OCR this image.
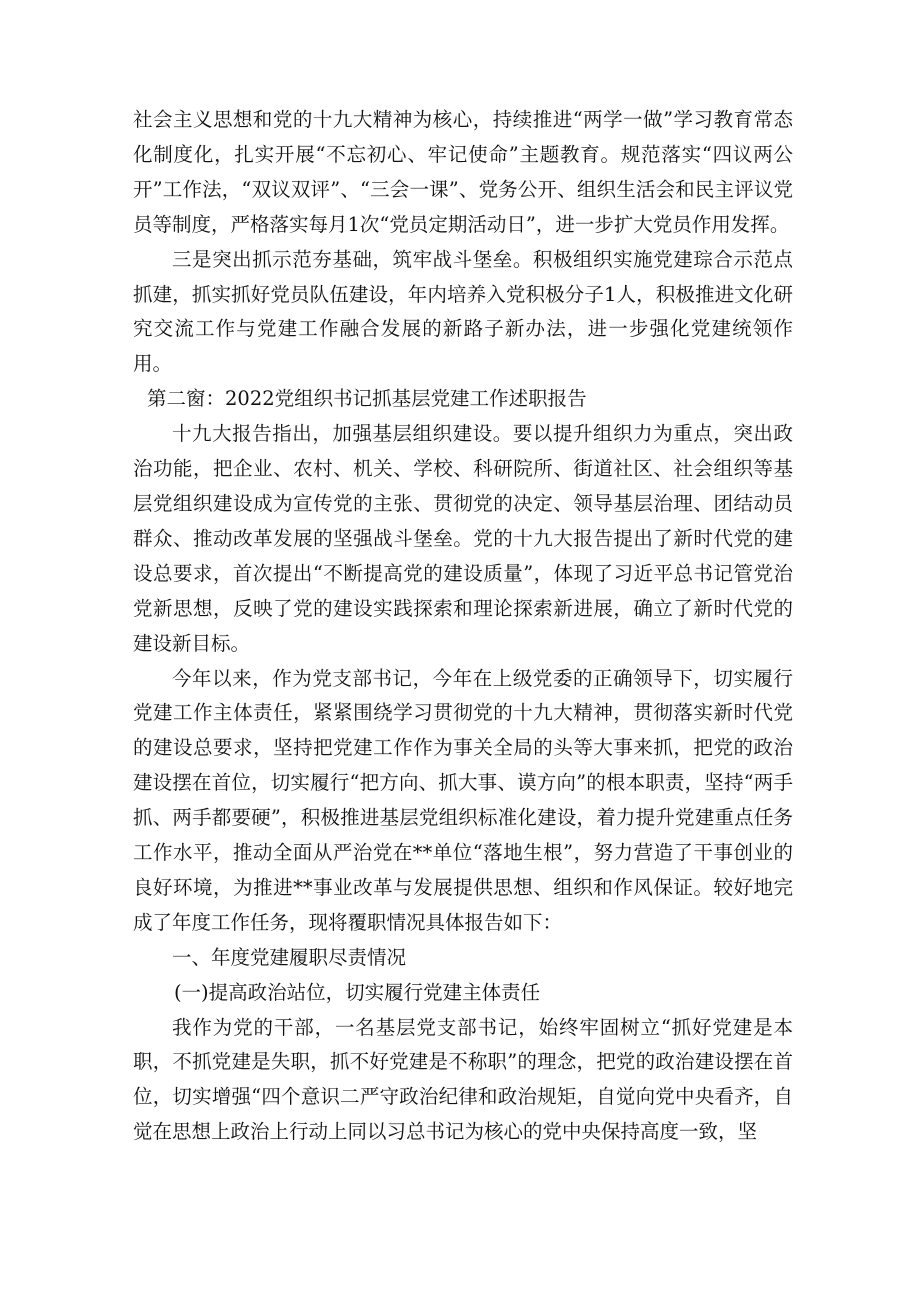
社会主义思想和党的十九大精神为核心，持续推进“两学一做”学习教育常态化制度化，扎实开展“不忘初心、牢记使命”主题教育。规范落实“四议两公开”工作法，“双议双评”、“三会一课”、党务公开、组织生活会和民主评议党员等制度，严格落实每月1次“党员定期活动日”，进一步扩大党员作用发挥。

三是突出抓示范夯基础，筑牢战斗堡垒。积极组织实施党建琮合示范点抓建，抓实抓好党员队伍建设，年内培养入党积极分子1人，积极推进文化研究交流工作与党建工作融合发展的新路子新办法，进一步强化党建统领作用。

第二窗：2022党组织书记抓基层党建工作述职报告

十九大报告指出，加强基层组织建设。要以提升组织力为重点，突出政治功能，把企业、农村、机关、学校、科研院所、街道社区、社会组织等基层党组织建设成为宣传党的主张、贯彻党的决定、领导基层治理、团结动员群众、推动改革发展的坚强战斗堡垒。党的十九大报告提出了新时代党的建设总要求，首次提出“不断提高党的建设质量”，体现了习近平总书记管党治党新思想，反映了党的建设实践探索和理论探索新进展，确立了新时代党的建设新目标。

今年以来，作为党支部书记，今年在上级党委的正确领导下，切实履行党建工作主体责任，紧紧围绕学习贯彻党的十九大精神，贯彻落实新时代党的建设总要求，坚持把党建工作作为事关全局的头等大事来抓，把党的政治建设摆在首位，切实履行“把方向、抓大事、谟方向”的根本职责，坚持“两手抓、两手都要硬”，积极推进基层党组织标准化建设，着力提升党建重点任务工作水平，推动全面从严治党在**单位“落地生根”，努力营造了干事创业的良好环境，为推进**事业改革与发展提供思想、组织和作风保证。较好地完成了年度工作任务，现将覆职情况具体报告如下：

一、年度党建履职尽责情况

(一)提高政治站位，切实履行党建主体责任

我作为党的干部，一名基层党支部书记，始终牢固树立“抓好党建是本职，不抓党建是失职，抓不好党建是不称职”的理念，把党的政治建设摆在首位，切实增强“四个意识二严守政治纪律和政治规矩，自觉向党中央看齐，自觉在思想上政治上行动上同以习总书记为核心的党中央保持高度一致，坚
